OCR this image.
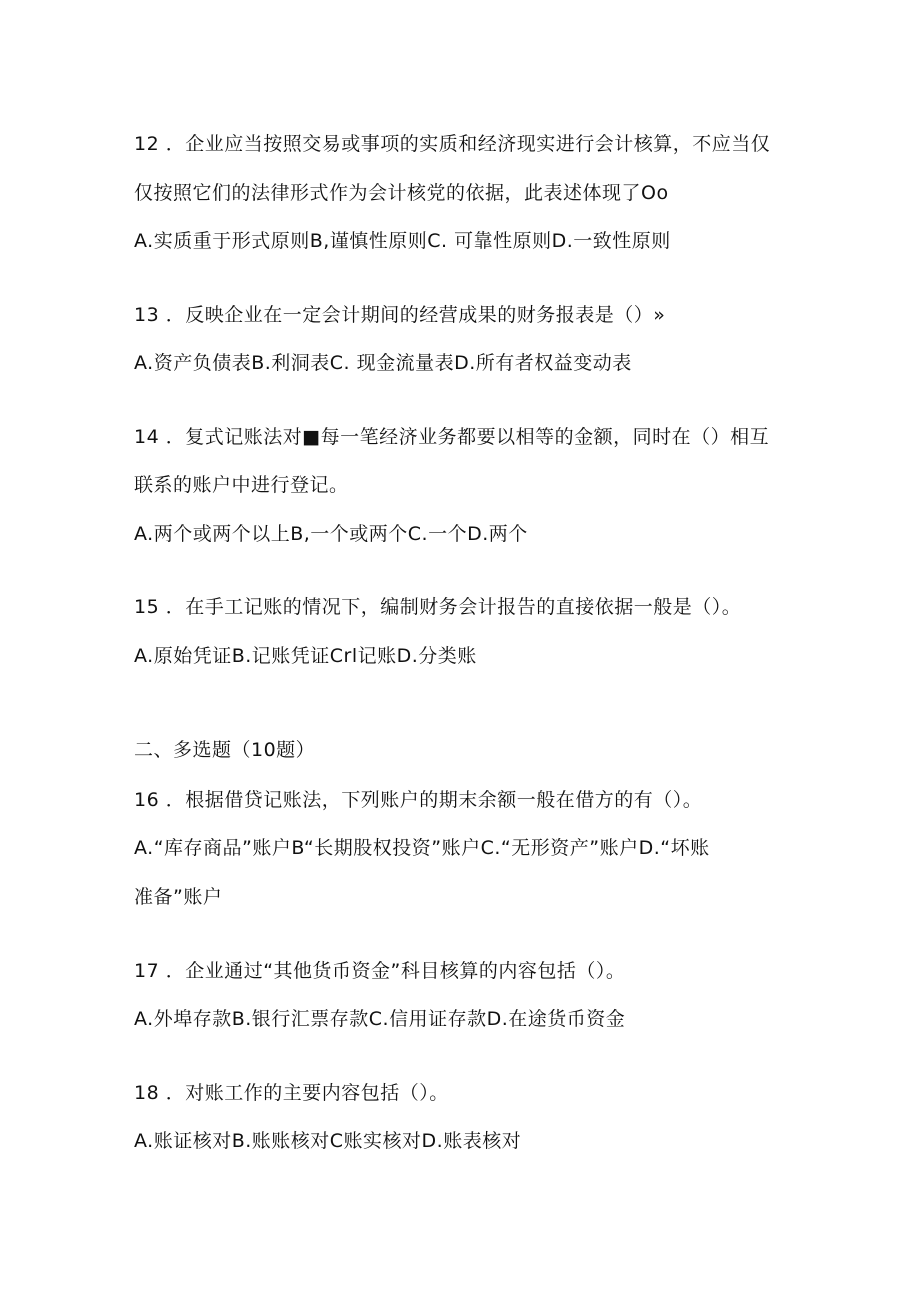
12 ．企业应当按照交易或事项的实质和经济现实进行会计核算，不应当仅
仅按照它们的法律形式作为会计核党的依据，此表述体现了Oo
A.实质重于形式原则B,谨慎性原则C. 可靠性原则D.一致性原则
13 ．反映企业在一定会计期间的经营成果的财务报表是（）»
A.资产负债表B.利洞表C. 现金流量表D.所有者权益变动表
14 ．复式记账法对■每一笔经济业务都要以相等的金额，同时在（）相互
联系的账户中进行登记。
A.两个或两个以上B,一个或两个C.一个D.两个
15 ．在手工记账的情况下，编制财务会计报告的直接依据一般是（）。
A.原始凭证B.记账凭证Crl记账D.分类账
二、多选题（10题）
16 ．根据借贷记账法，下列账户的期末余额一般在借方的有（）。
A.“库存商品”账户B“长期股权投资”账户C.“无形资产”账户D.“坏账
准备”账户
17 ．企业通过“其他货币资金”科目核算的内容包括（）。
A.外埠存款B.银行汇票存款C.信用证存款D.在途货币资金
18 ．对账工作的主要内容包括（）。
A.账证核对B.账账核对C账实核对D.账表核对
